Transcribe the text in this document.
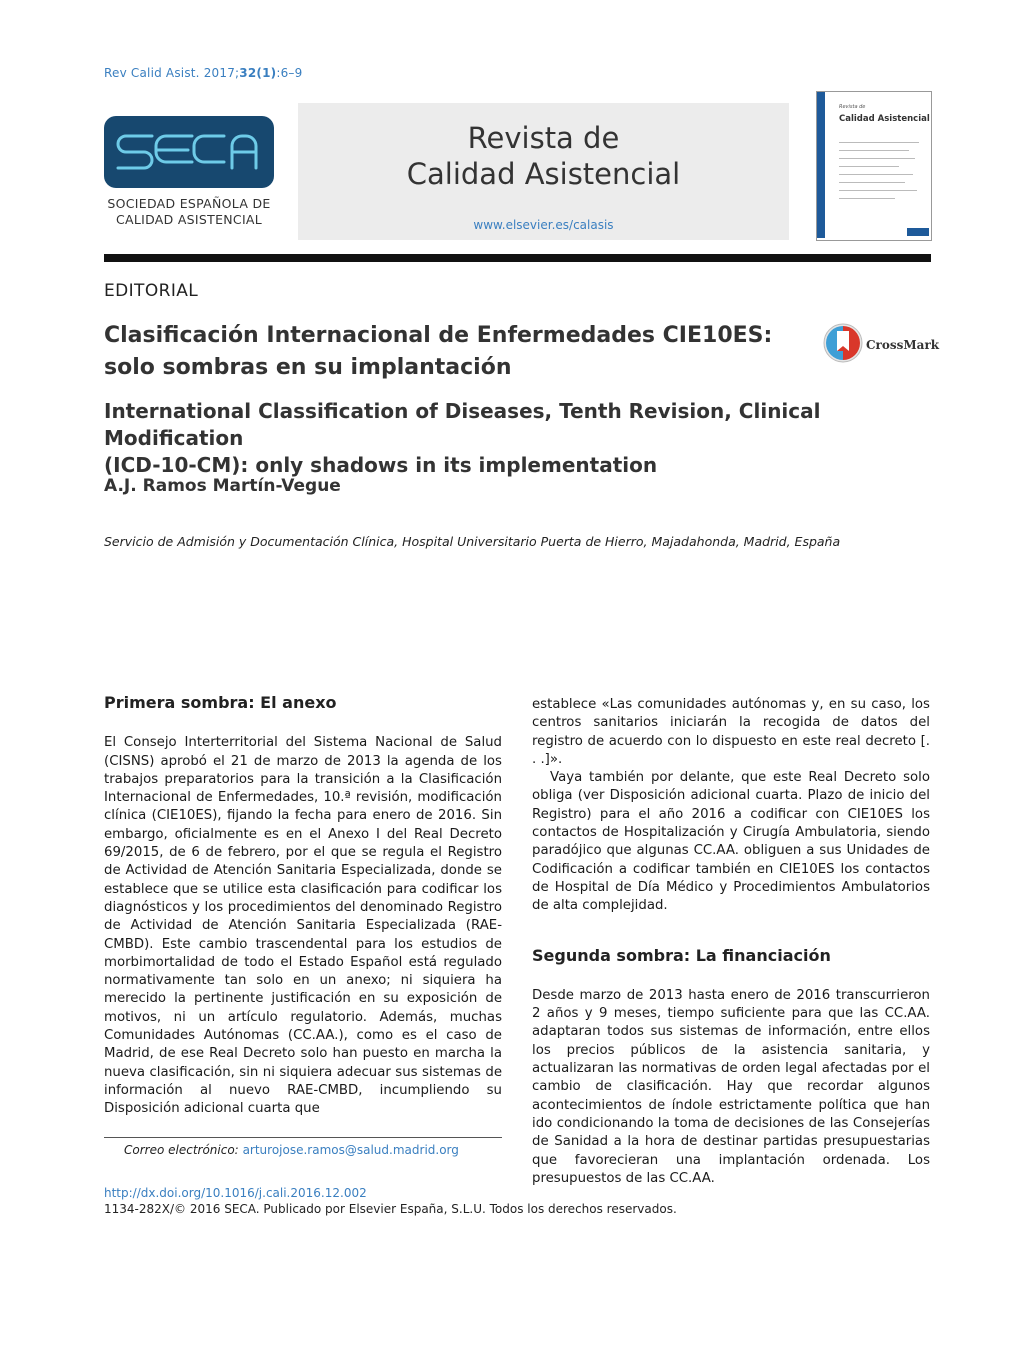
Rev Calid Asist. 2017;32(1):6–9
SOCIEDAD ESPAÑOLA DE
CALIDAD ASISTENCIAL
Revista de
Calidad Asistencial
www.elsevier.es/calasis
Revista de
Calidad Asistencial
EDITORIAL
Clasificación Internacional de Enfermedades CIE10ES:
solo sombras en su implantación
CrossMark
International Classification of Diseases, Tenth Revision, Clinical Modification
(ICD-10-CM): only shadows in its implementation
A.J. Ramos Martín-Vegue
Servicio de Admisión y Documentación Clínica, Hospital Universitario Puerta de Hierro, Majadahonda, Madrid, España
Primera sombra: El anexo

El Consejo Interterritorial del Sistema Nacional de Salud (CISNS) aprobó el 21 de marzo de 2013 la agenda de los trabajos preparatorios para la transición a la Clasificación Internacional de Enfermedades, 10.ª revisión, modificación clínica (CIE10ES), fijando la fecha para enero de 2016. Sin embargo, oficialmente es en el Anexo I del Real Decreto 69/2015, de 6 de febrero, por el que se regula el Registro de Actividad de Atención Sanitaria Especializada, donde se establece que se utilice esta clasificación para codificar los diagnósticos y los procedimientos del denominado Registro de Actividad de Atención Sanitaria Especializada (RAE-CMBD). Este cambio trascendental para los estudios de morbimortalidad de todo el Estado Español está regulado normativamente tan solo en un anexo; ni siquiera ha merecido la pertinente justificación en su exposición de motivos, ni un artículo regulatorio. Además, muchas Comunidades Autónomas (CC.AA.), como es el caso de Madrid, de ese Real Decreto solo han puesto en marcha la nueva clasificación, sin ni siquiera adecuar sus sistemas de información al nuevo RAE-CMBD, incumpliendo su Disposición adicional cuarta que

establece «Las comunidades autónomas y, en su caso, los centros sanitarios iniciarán la recogida de datos del registro de acuerdo con lo dispuesto en este real decreto [. . .]».

Vaya también por delante, que este Real Decreto solo obliga (ver Disposición adicional cuarta. Plazo de inicio del Registro) para el año 2016 a codificar con CIE10ES los contactos de Hospitalización y Cirugía Ambulatoria, siendo paradójico que algunas CC.AA. obliguen a sus Unidades de Codificación a codificar también en CIE10ES los contactos de Hospital de Día Médico y Procedimientos Ambulatorios de alta complejidad.

Segunda sombra: La financiación

Desde marzo de 2013 hasta enero de 2016 transcurrieron 2 años y 9 meses, tiempo suficiente para que las CC.AA. adaptaran todos sus sistemas de información, entre ellos los precios públicos de la asistencia sanitaria, y actualizaran las normativas de orden legal afectadas por el cambio de clasificación. Hay que recordar algunos acontecimientos de índole estrictamente política que han ido condicionando la toma de decisiones de las Consejerías de Sanidad a la hora de destinar partidas presupuestarias que favorecieran una implantación ordenada. Los presupuestos de las CC.AA.

Correo electrónico: arturojose.ramos@salud.madrid.org
http://dx.doi.org/10.1016/j.cali.2016.12.002
1134-282X/© 2016 SECA. Publicado por Elsevier España, S.L.U. Todos los derechos reservados.
